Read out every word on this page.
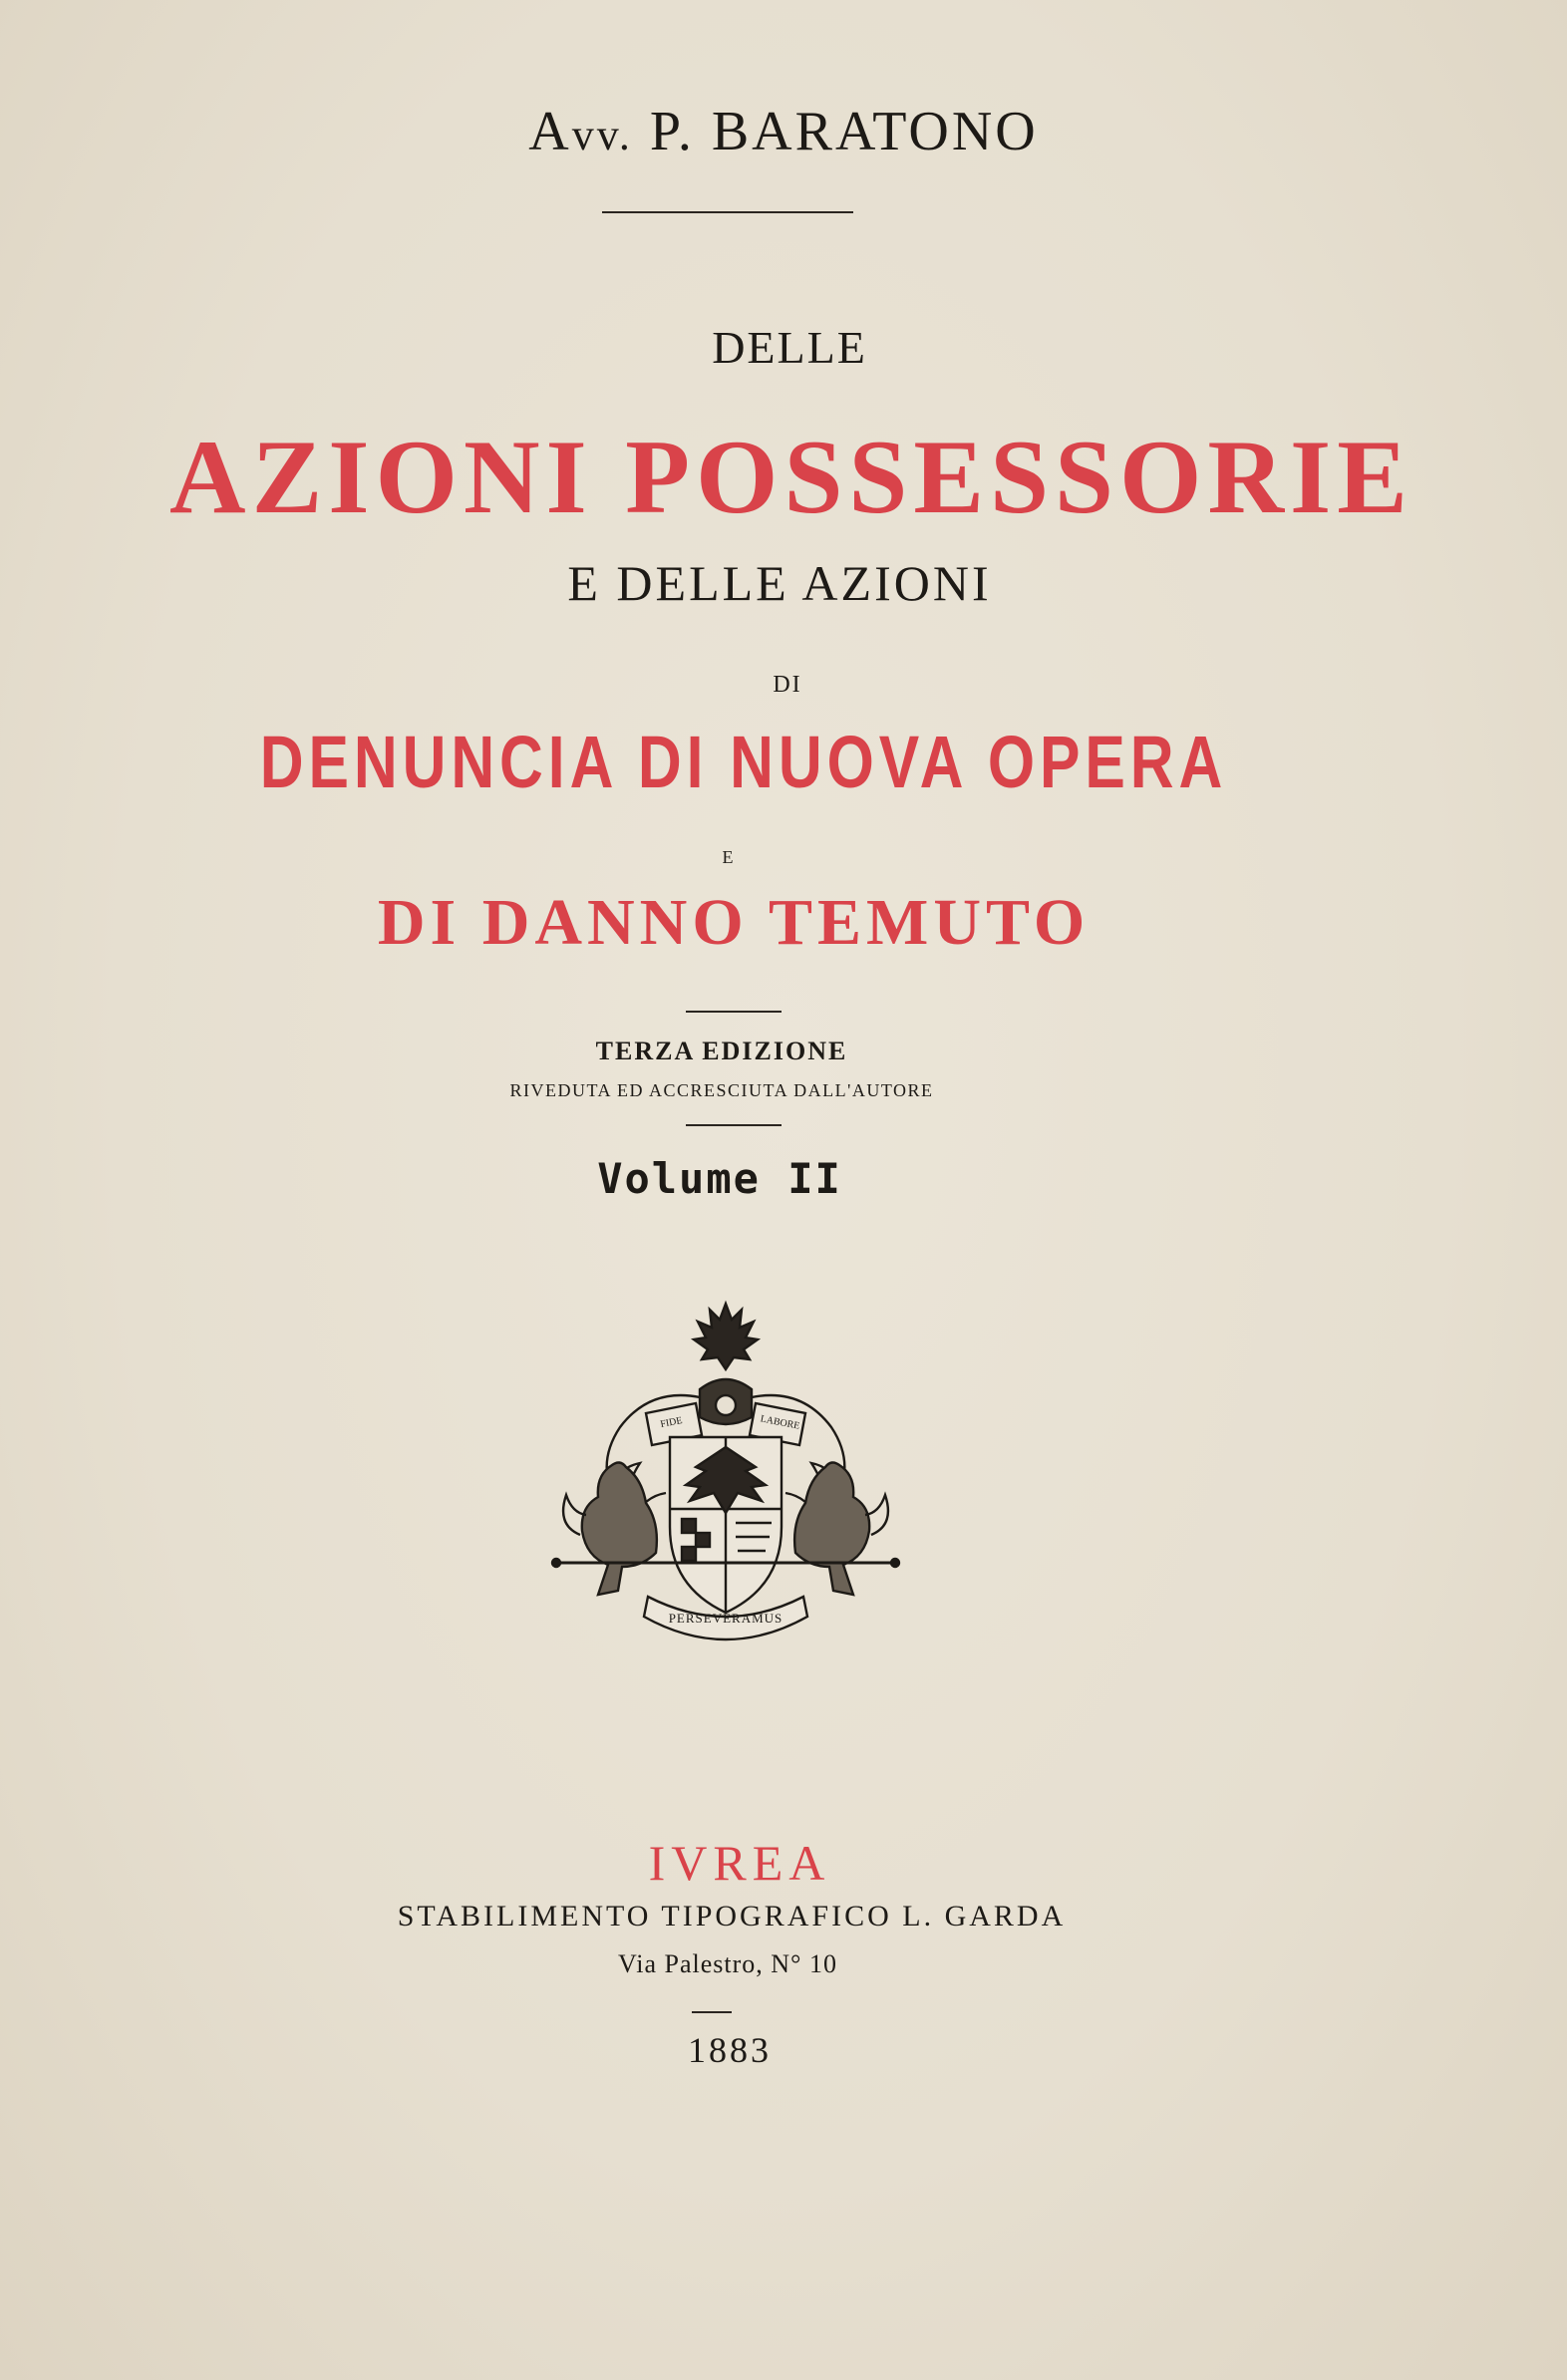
Avv. P. BARATONO
DELLE
AZIONI POSSESSORIE
E DELLE AZIONI
DI
DENUNCIA DI NUOVA OPERA
E
DI DANNO TEMUTO
TERZA EDIZIONE
RIVEDUTA ED ACCRESCIUTA DALL'AUTORE
Volume II
PERSEVERAMUS
FIDE	LABORE
IVREA
STABILIMENTO TIPOGRAFICO L. GARDA
Via Palestro, N° 10
1883
